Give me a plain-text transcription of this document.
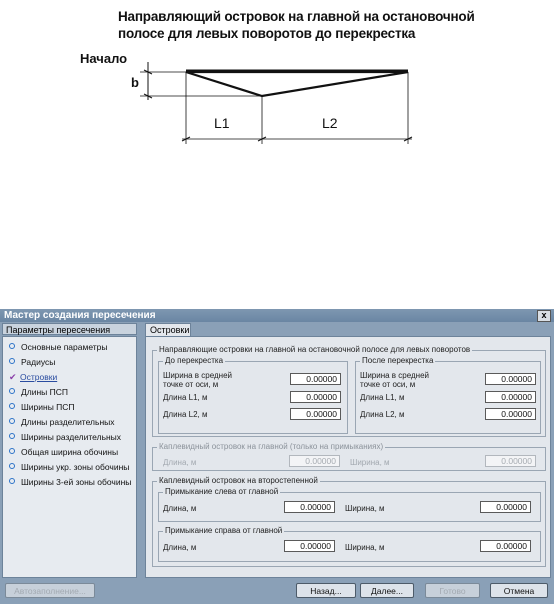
Направляющий островок на главной на остановочной
полосе для левых поворотов до перекрестка
Начало
b
L1	L2
Мастер создания пересечения	x
Параметры пересечения	Островки
Основные параметры
Радиусы
✔ Островки
Длины ПСП
Ширины ПСП
Длины разделительных
Ширины разделительных
Общая ширина обочины
Ширины укр. зоны обочины
Ширины 3-ей зоны обочины
Направляющие островки на главной на остановочной полосе для левых поворотов
До перекрестка
Ширина в средней
точке от оси, м
0.00000
Длина L1, м	0.00000
Длина L2, м	0.00000
После перекрестка
Ширина в средней
точке от оси, м
0.00000
Длина L1, м	0.00000
Длина L2, м	0.00000
Каплевидный островок на главной (только на примыканиях)
Длина, м	0.00000	Ширина, м	0.00000
Каплевидный островок на второстепенной
Примыкание слева от главной
Длина, м	0.00000	Ширина, м	0.00000
Примыкание справа от главной
Длина, м	0.00000	Ширина, м	0.00000
Автозаполнение...	Назад...	Далее...	Готово	Отмена
